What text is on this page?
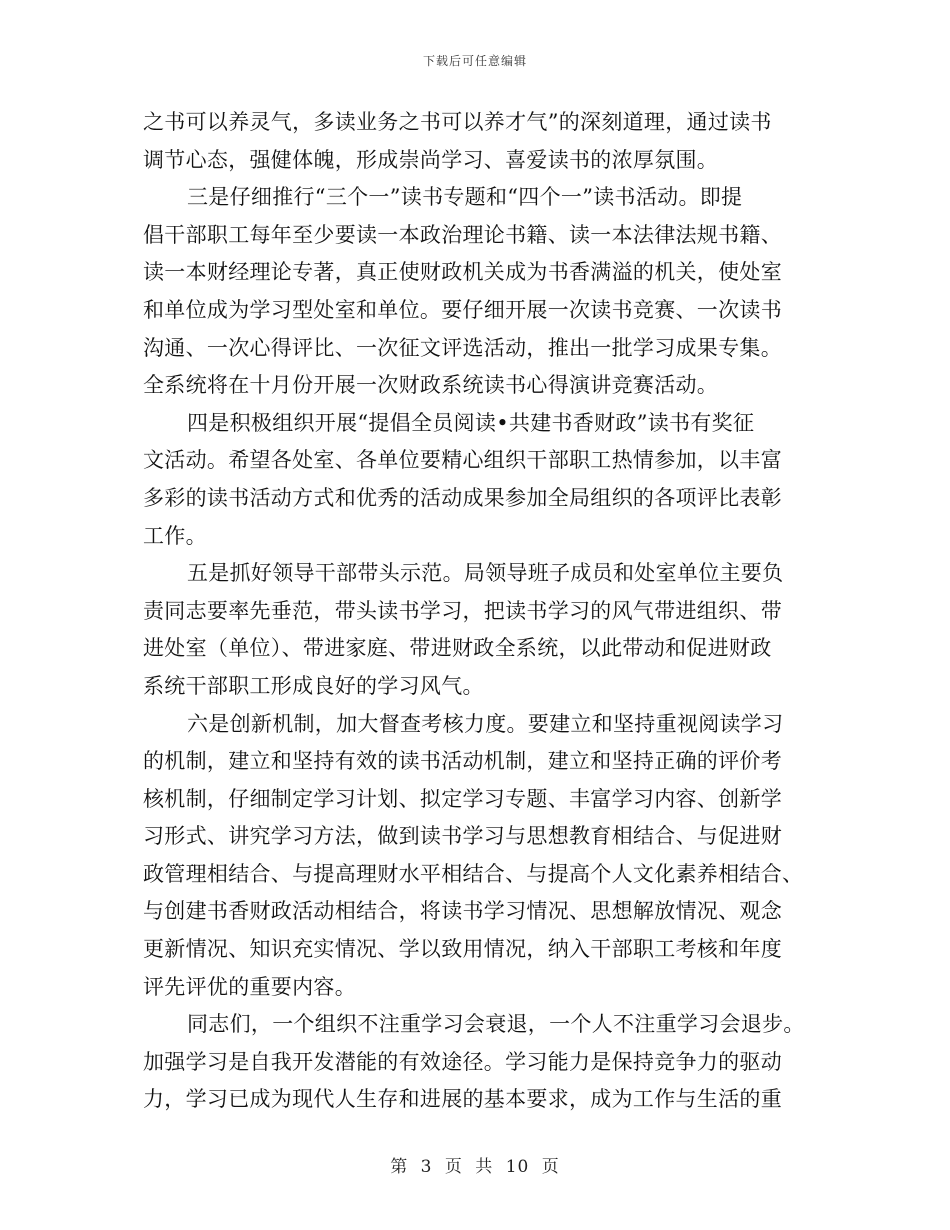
下载后可任意编辑
之书可以养灵气，多读业务之书可以养才气”的深刻道理，通过读书
调节心态，强健体魄，形成崇尚学习、喜爱读书的浓厚氛围。
三是仔细推行“三个一”读书专题和“四个一”读书活动。即提
倡干部职工每年至少要读一本政治理论书籍、读一本法律法规书籍、
读一本财经理论专著，真正使财政机关成为书香满溢的机关，使处室
和单位成为学习型处室和单位。要仔细开展一次读书竞赛、一次读书
沟通、一次心得评比、一次征文评选活动，推出一批学习成果专集。
全系统将在十月份开展一次财政系统读书心得演讲竞赛活动。
四是积极组织开展“提倡全员阅读•共建书香财政”读书有奖征
文活动。希望各处室、各单位要精心组织干部职工热情参加，以丰富
多彩的读书活动方式和优秀的活动成果参加全局组织的各项评比表彰
工作。
五是抓好领导干部带头示范。局领导班子成员和处室单位主要负
责同志要率先垂范，带头读书学习，把读书学习的风气带进组织、带
进处室（单位）、带进家庭、带进财政全系统，以此带动和促进财政
系统干部职工形成良好的学习风气。
六是创新机制，加大督查考核力度。要建立和坚持重视阅读学习
的机制，建立和坚持有效的读书活动机制，建立和坚持正确的评价考
核机制，仔细制定学习计划、拟定学习专题、丰富学习内容、创新学
习形式、讲究学习方法，做到读书学习与思想教育相结合、与促进财
政管理相结合、与提高理财水平相结合、与提高个人文化素养相结合、
与创建书香财政活动相结合，将读书学习情况、思想解放情况、观念
更新情况、知识充实情况、学以致用情况，纳入干部职工考核和年度
评先评优的重要内容。
同志们，一个组织不注重学习会衰退，一个人不注重学习会退步。
加强学习是自我开发潜能的有效途径。学习能力是保持竞争力的驱动
力，学习已成为现代人生存和进展的基本要求，成为工作与生活的重
第 3 页 共 10 页
